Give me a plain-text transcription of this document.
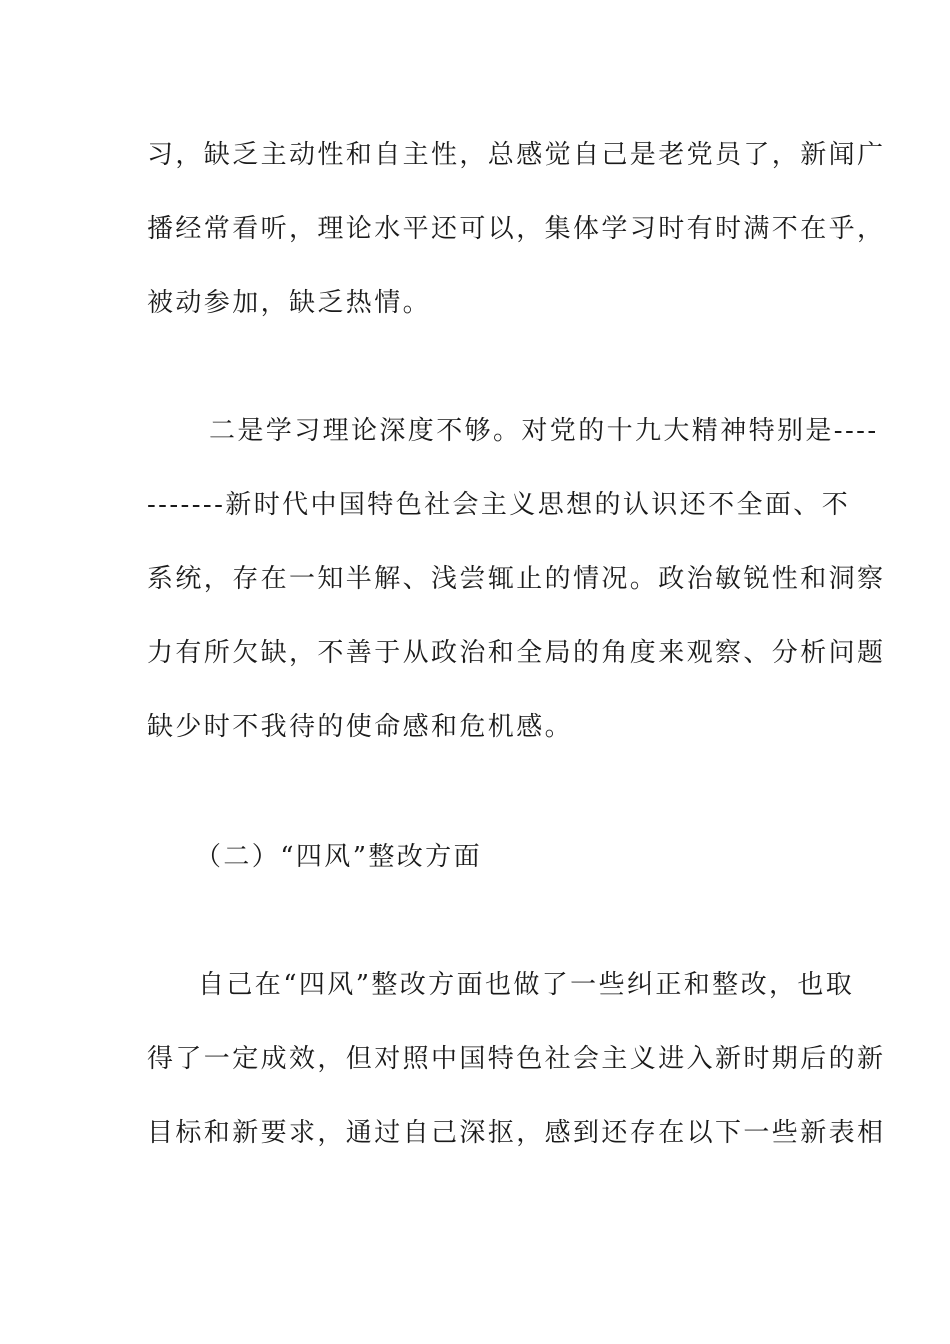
习，缺乏主动性和自主性，总感觉自己是老党员了，新闻广
播经常看听，理论水平还可以，集体学习时有时满不在乎，
被动参加，缺乏热情。
二是学习理论深度不够。对党的十九大精神特别是----
-------新时代中国特色社会主义思想的认识还不全面、不
系统，存在一知半解、浅尝辄止的情况。政治敏锐性和洞察
力有所欠缺，不善于从政治和全局的角度来观察、分析问题
缺少时不我待的使命感和危机感。
（二）“四风”整改方面
自己在“四风”整改方面也做了一些纠正和整改，也取
得了一定成效，但对照中国特色社会主义进入新时期后的新
目标和新要求，通过自己深抠，感到还存在以下一些新表相
